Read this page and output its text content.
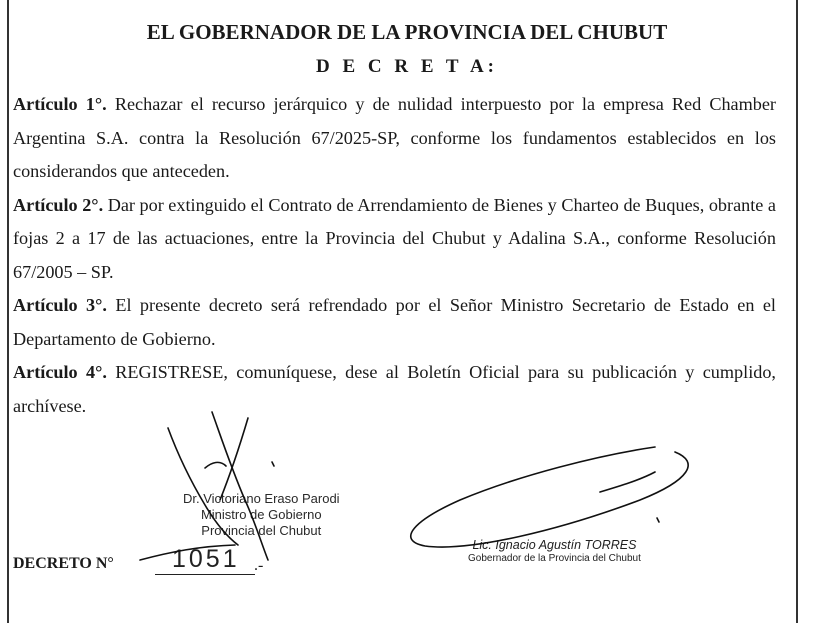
EL GOBERNADOR DE LA PROVINCIA DEL CHUBUT
D E C R E T A:

Artículo 1°. Rechazar el recurso jerárquico y de nulidad interpuesto por la empresa Red Chamber Argentina S.A. contra la Resolución 67/2025-SP, conforme los fundamentos establecidos en los considerandos que anteceden.

Artículo 2°. Dar por extinguido el Contrato de Arrendamiento de Bienes y Charteo de Buques, obrante a fojas 2 a 17 de las actuaciones, entre la Provincia del Chubut y Adalina S.A., conforme Resolución 67/2005 – SP.

Artículo 3°. El presente decreto será refrendado por el Señor Ministro Secretario de Estado en el Departamento de Gobierno.

Artículo 4°. REGISTRESE, comuníquese, dese al Boletín Oficial para su publicación y cumplido, archívese.

Dr. Victoriano Eraso Parodi
Ministro de Gobierno
Provincia del Chubut
Lic. Ignacio Agustín TORRES
Gobernador de la Provincia del Chubut
DECRETO N° 1051 .-
